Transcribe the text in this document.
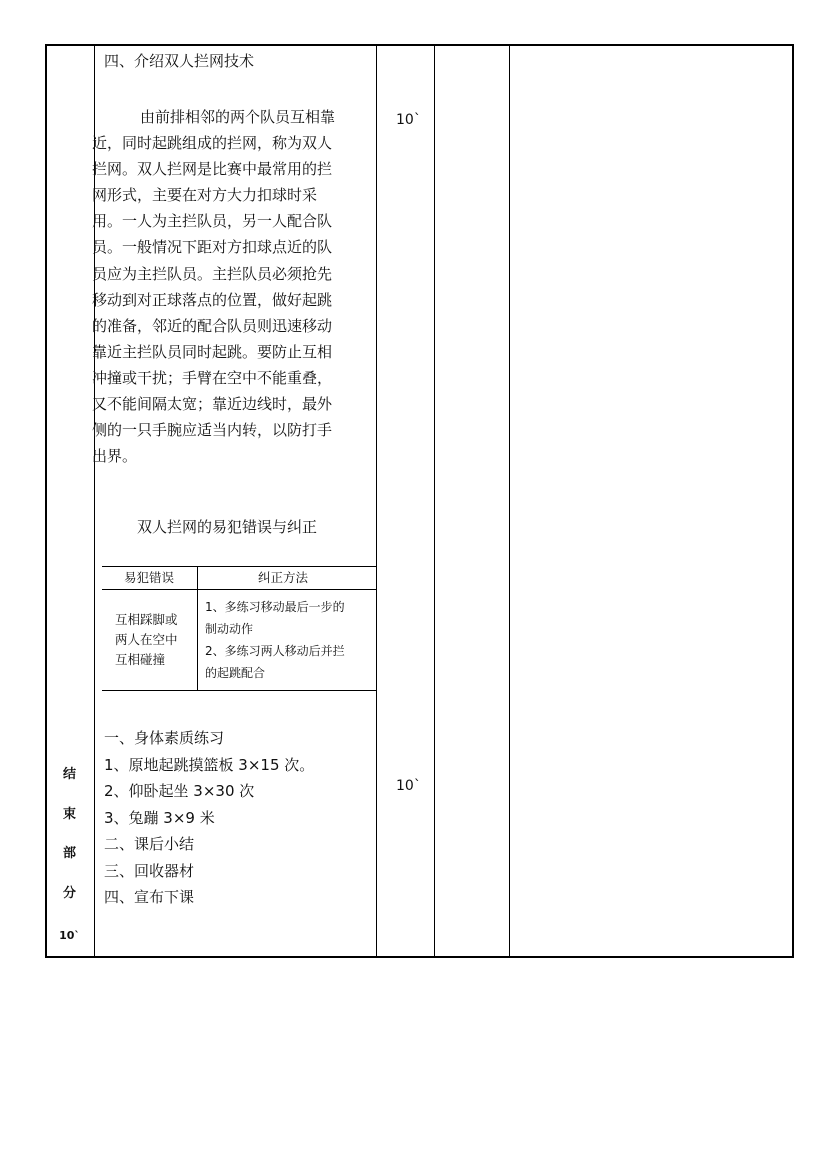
四、介绍双人拦网技术
10`
由前排相邻的两个队员互相靠
近，同时起跳组成的拦网，称为双人
拦网。双人拦网是比赛中最常用的拦
网形式，主要在对方大力扣球时采
用。一人为主拦队员，另一人配合队
员。一般情况下距对方扣球点近的队
员应为主拦队员。主拦队员必须抢先
移动到对正球落点的位置，做好起跳
的准备，邻近的配合队员则迅速移动
靠近主拦队员同时起跳。要防止互相
冲撞或干扰；手臂在空中不能重叠，
又不能间隔太宽；靠近边线时，最外
侧的一只手腕应适当内转，以防打手
出界。
双人拦网的易犯错误与纠正
易犯错误	纠正方法
互相踩脚或
两人在空中
互相碰撞
1、多练习移动最后一步的
制动动作
2、多练习两人移动后并拦
的起跳配合
一、身体素质练习
1、原地起跳摸篮板 3×15 次。
2、仰卧起坐 3×30 次
3、兔蹦 3×9 米
二、课后小结
三、回收器材
四、宣布下课
10`
结
束
部
分
10`
